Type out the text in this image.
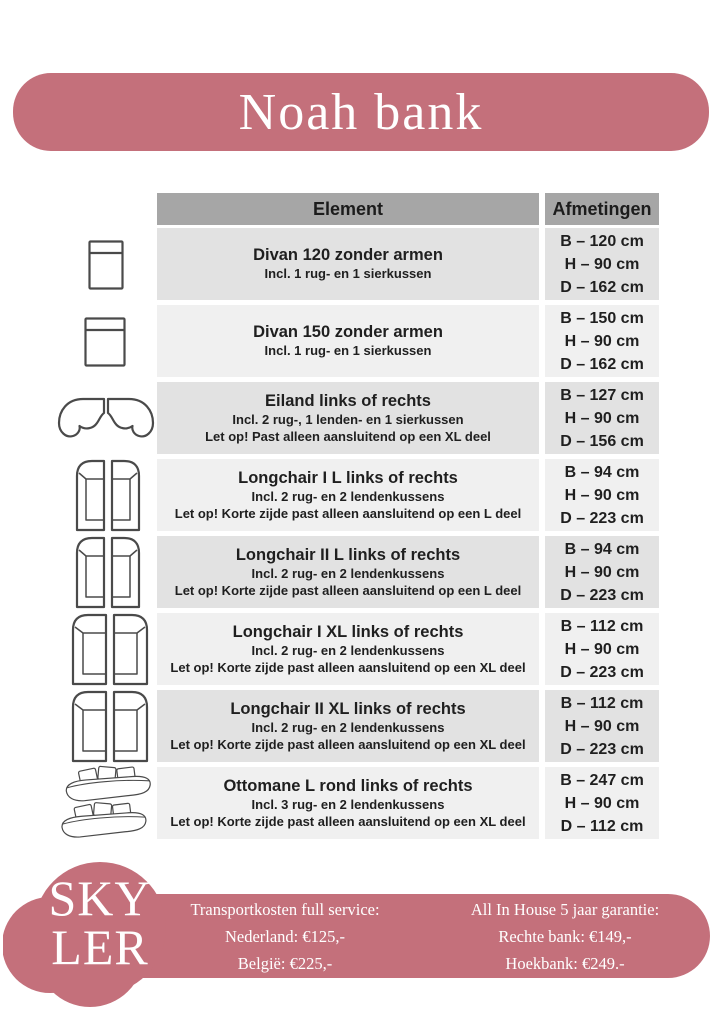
Noah bank
Element	Afmetingen
Divan 120 zonder armen
Incl. 1 rug- en 1 sierkussen
B – 120 cm
H – 90 cm
D – 162 cm
Divan 150 zonder armen
Incl. 1 rug- en 1 sierkussen
B – 150 cm
H – 90 cm
D – 162 cm
Eiland links of rechts
Incl. 2 rug-, 1 lenden- en 1 sierkussen
Let op! Past alleen aansluitend op een XL deel
B – 127 cm
H – 90 cm
D – 156 cm
Longchair I L links of rechts
Incl. 2 rug- en 2 lendenkussens
Let op! Korte zijde past alleen aansluitend op een L deel
B – 94 cm
H – 90 cm
D – 223 cm
Longchair II L links of rechts
Incl. 2 rug- en 2 lendenkussens
Let op! Korte zijde past alleen aansluitend op een L deel
B – 94 cm
H – 90 cm
D – 223 cm
Longchair I XL links of rechts
Incl. 2 rug- en 2 lendenkussens
Let op! Korte zijde past alleen aansluitend op een XL deel
B – 112 cm
H – 90 cm
D – 223 cm
Longchair II XL links of rechts
Incl. 2 rug- en 2 lendenkussens
Let op! Korte zijde past alleen aansluitend op een XL deel
B – 112 cm
H – 90 cm
D – 223 cm
Ottomane L rond links of rechts
Incl. 3 rug- en 2 lendenkussens
Let op! Korte zijde past alleen aansluitend op een XL deel
B – 247 cm
H – 90 cm
D – 112 cm
Transportkosten full service:
Nederland: €125,-
België: €225,-
All In House 5 jaar garantie:
Rechte bank: €149,-
Hoekbank: €249.-
SKY
LER
